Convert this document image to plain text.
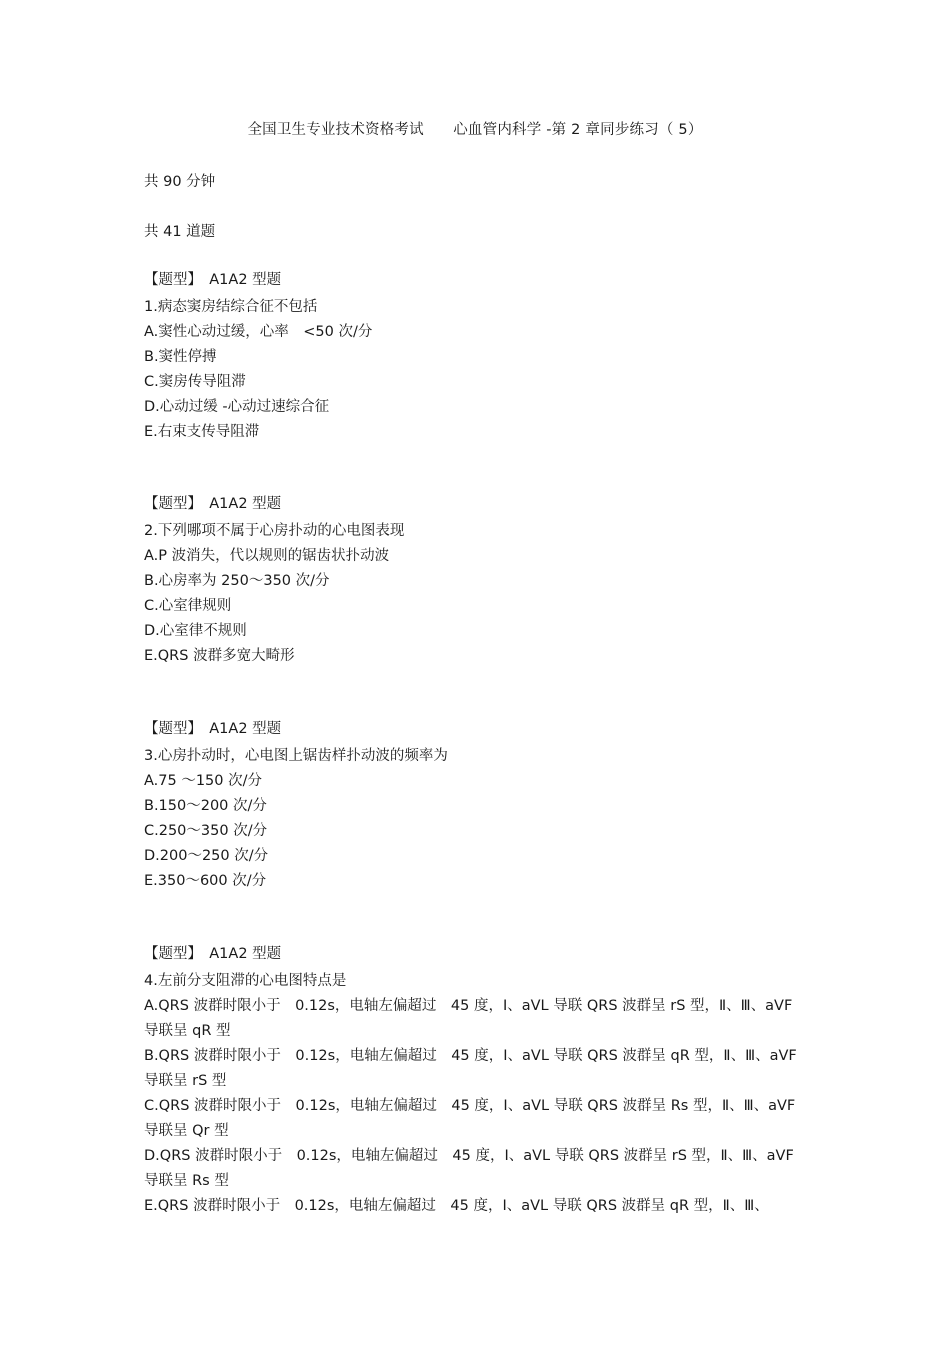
全国卫生专业技术资格考试　　心血管内科学 -第 2 章同步练习（ 5）
共 90 分钟
共 41 道题
【题型】　A1A2 型题
1.病态窦房结综合征不包括
A.窦性心动过缓，心率　<50 次/分
B.窦性停搏
C.窦房传导阻滞
D.心动过缓 -心动过速综合征
E.右束支传导阻滞
【题型】　A1A2 型题
2.下列哪项不属于心房扑动的心电图表现
A.P 波消失，代以规则的锯齿状扑动波
B.心房率为 250～350 次/分
C.心室律规则
D.心室律不规则
E.QRS 波群多宽大畸形
【题型】　A1A2 型题
3.心房扑动时，心电图上锯齿样扑动波的频率为
A.75 ～150 次/分
B.150～200 次/分
C.250～350 次/分
D.200～250 次/分
E.350～600 次/分
【题型】　A1A2 型题
4.左前分支阻滞的心电图特点是
A.QRS 波群时限小于　0.12s，电轴左偏超过　45 度，Ⅰ、aVL 导联 QRS 波群呈 rS 型，Ⅱ、Ⅲ、aVF 导联呈 qR 型
B.QRS 波群时限小于　0.12s，电轴左偏超过　45 度，Ⅰ、aVL 导联 QRS 波群呈 qR 型，Ⅱ、Ⅲ、aVF 导联呈 rS 型
C.QRS 波群时限小于　0.12s，电轴左偏超过　45 度，Ⅰ、aVL 导联 QRS 波群呈 Rs 型，Ⅱ、Ⅲ、aVF 导联呈 Qr 型
D.QRS 波群时限小于　0.12s，电轴左偏超过　45 度，Ⅰ、aVL 导联 QRS 波群呈 rS 型，Ⅱ、Ⅲ、aVF 导联呈 Rs 型
E.QRS 波群时限小于　0.12s，电轴左偏超过　45 度，Ⅰ、aVL 导联 QRS 波群呈 qR 型，Ⅱ、Ⅲ、
